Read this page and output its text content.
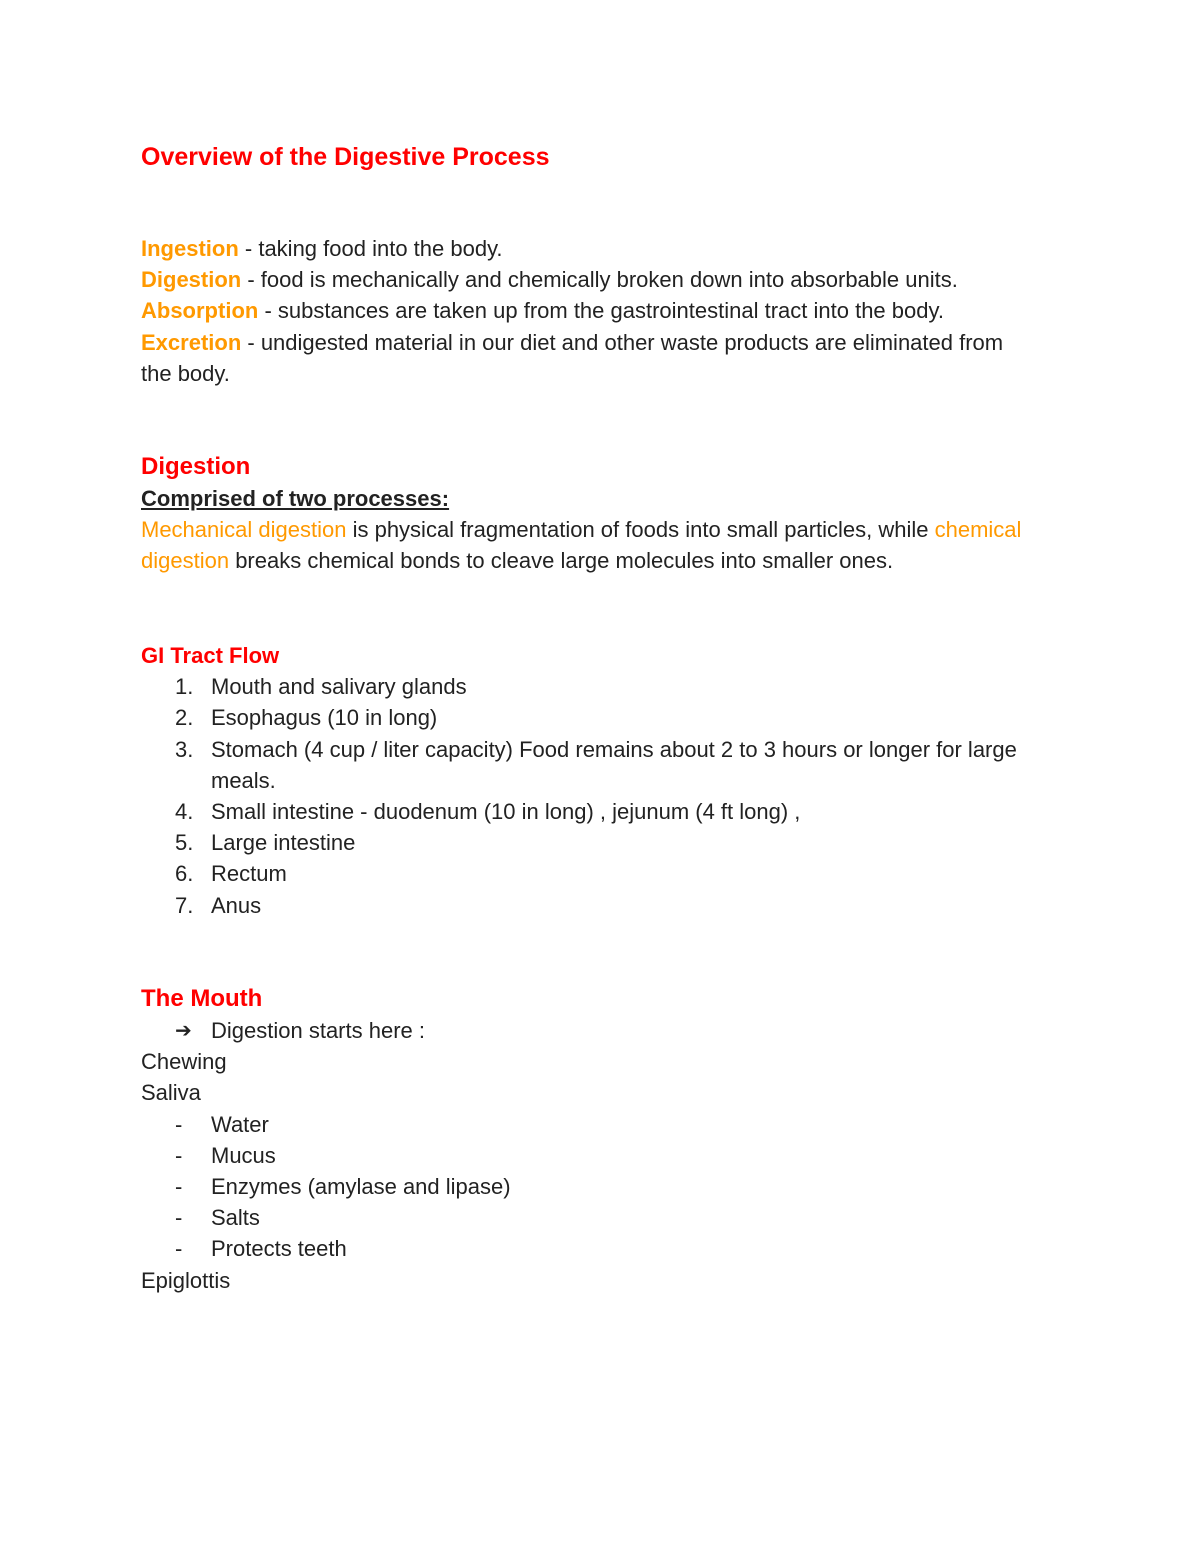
Overview of the Digestive Process
Ingestion - taking food into the body.
Digestion - food is mechanically and chemically broken down into absorbable units.
Absorption - substances are taken up from the gastrointestinal tract into the body.
Excretion - undigested material in our diet and other waste products are eliminated from the body.
Digestion
Comprised of two processes:
Mechanical digestion is physical fragmentation of foods into small particles, while chemical digestion breaks chemical bonds to cleave large molecules into smaller ones.
GI Tract Flow
1. Mouth and salivary glands
2. Esophagus (10 in long)
3. Stomach (4 cup / liter capacity) Food remains about 2 to 3 hours or longer for large meals.
4. Small intestine - duodenum (10 in long) , jejunum (4 ft long) ,
5. Large intestine
6. Rectum
7. Anus
The Mouth
➔ Digestion starts here :
Chewing
Saliva
- Water
- Mucus
- Enzymes (amylase and lipase)
- Salts
- Protects teeth
Epiglottis
